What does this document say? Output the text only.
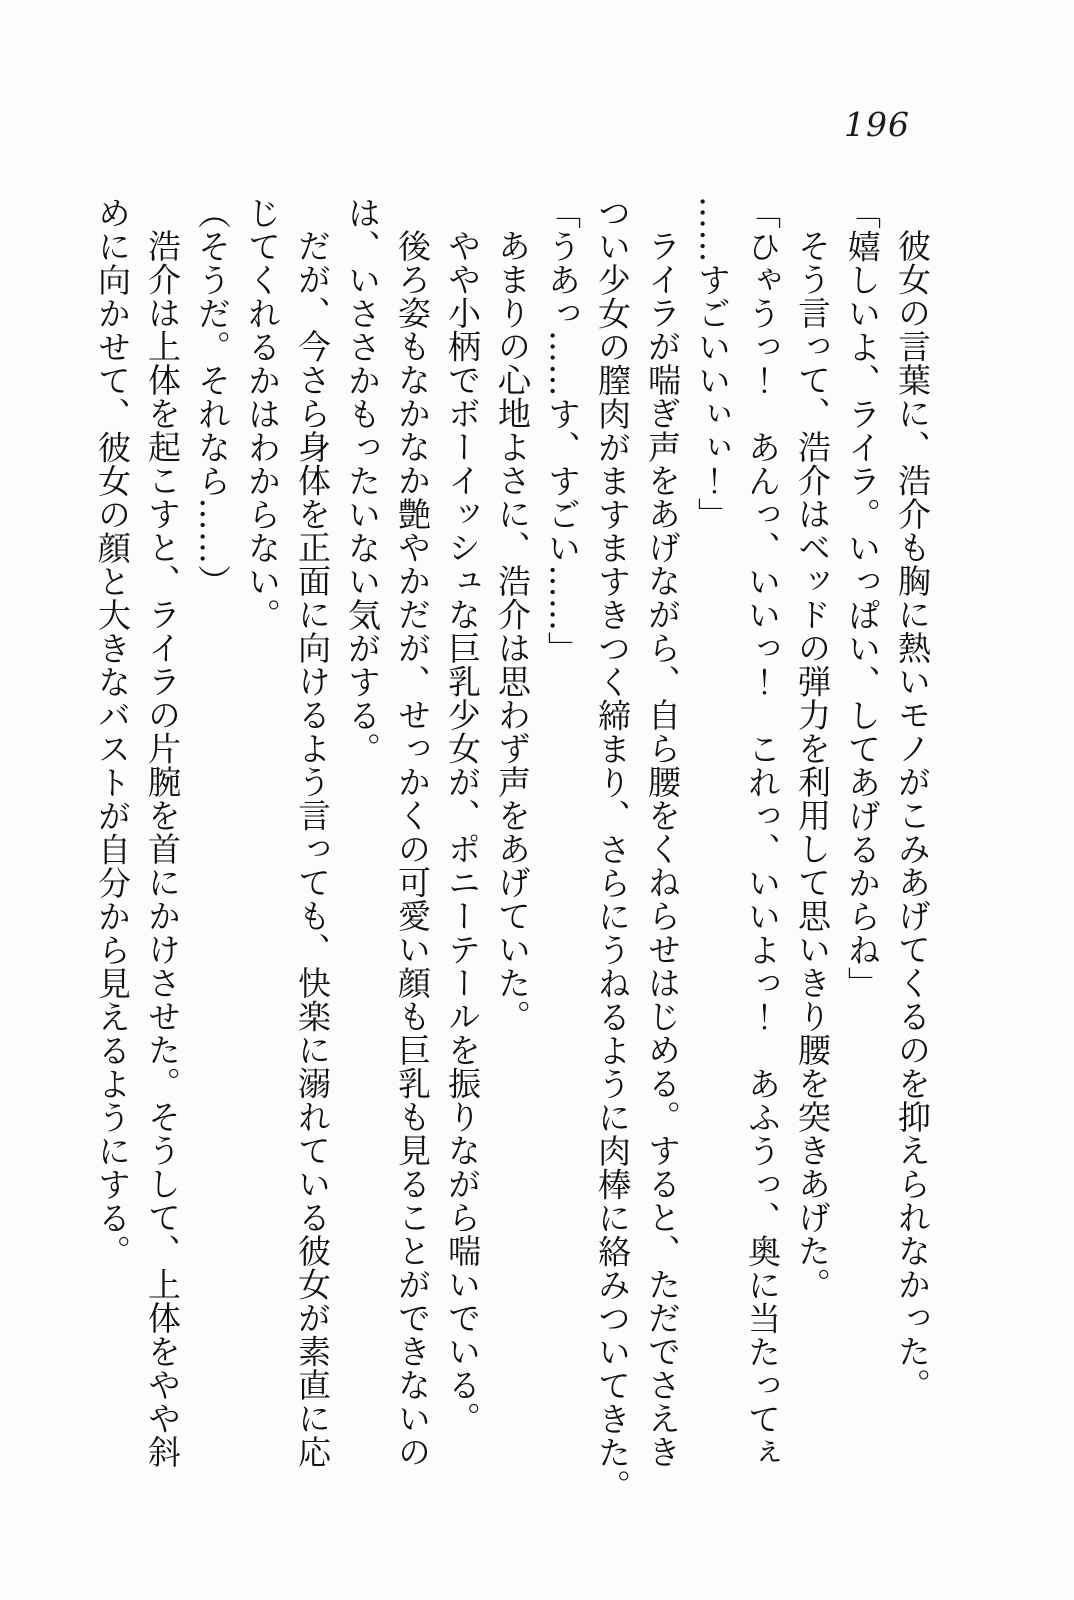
196

彼女の言葉に、浩介も胸に熱いモノがこみあげてくるのを抑えられなかった。

「嬉しいよ、ライラ。いっぱい、してあげるからね」

そう言って、浩介はベッドの弾力を利用して思いきり腰を突きあげた。

「ひゃうっ！　あんっ、いいっ！　これっ、いいよっ！　あふうっ、奥に当たってぇ

……すごいいぃぃ！」

ライラが喘ぎ声をあげながら、自ら腰をくねらせはじめる。すると、ただでさえき

つい少女の膣肉がますますきつく締まり、さらにうねるように肉棒に絡みついてきた。

「うあっ……す、すごい……」

あまりの心地よさに、浩介は思わず声をあげていた。

やや小柄でボーイッシュな巨乳少女が、ポニーテールを振りながら喘いでいる。

後ろ姿もなかなか艶やかだが、せっかくの可愛い顔も巨乳も見ることができないの

は、いささかもったいない気がする。

だが、今さら身体を正面に向けるよう言っても、快楽に溺れている彼女が素直に応

じてくれるかはわからない。

（そうだ。それなら……）

浩介は上体を起こすと、ライラの片腕を首にかけさせた。そうして、上体をやや斜

めに向かせて、彼女の顔と大きなバストが自分から見えるようにする。
